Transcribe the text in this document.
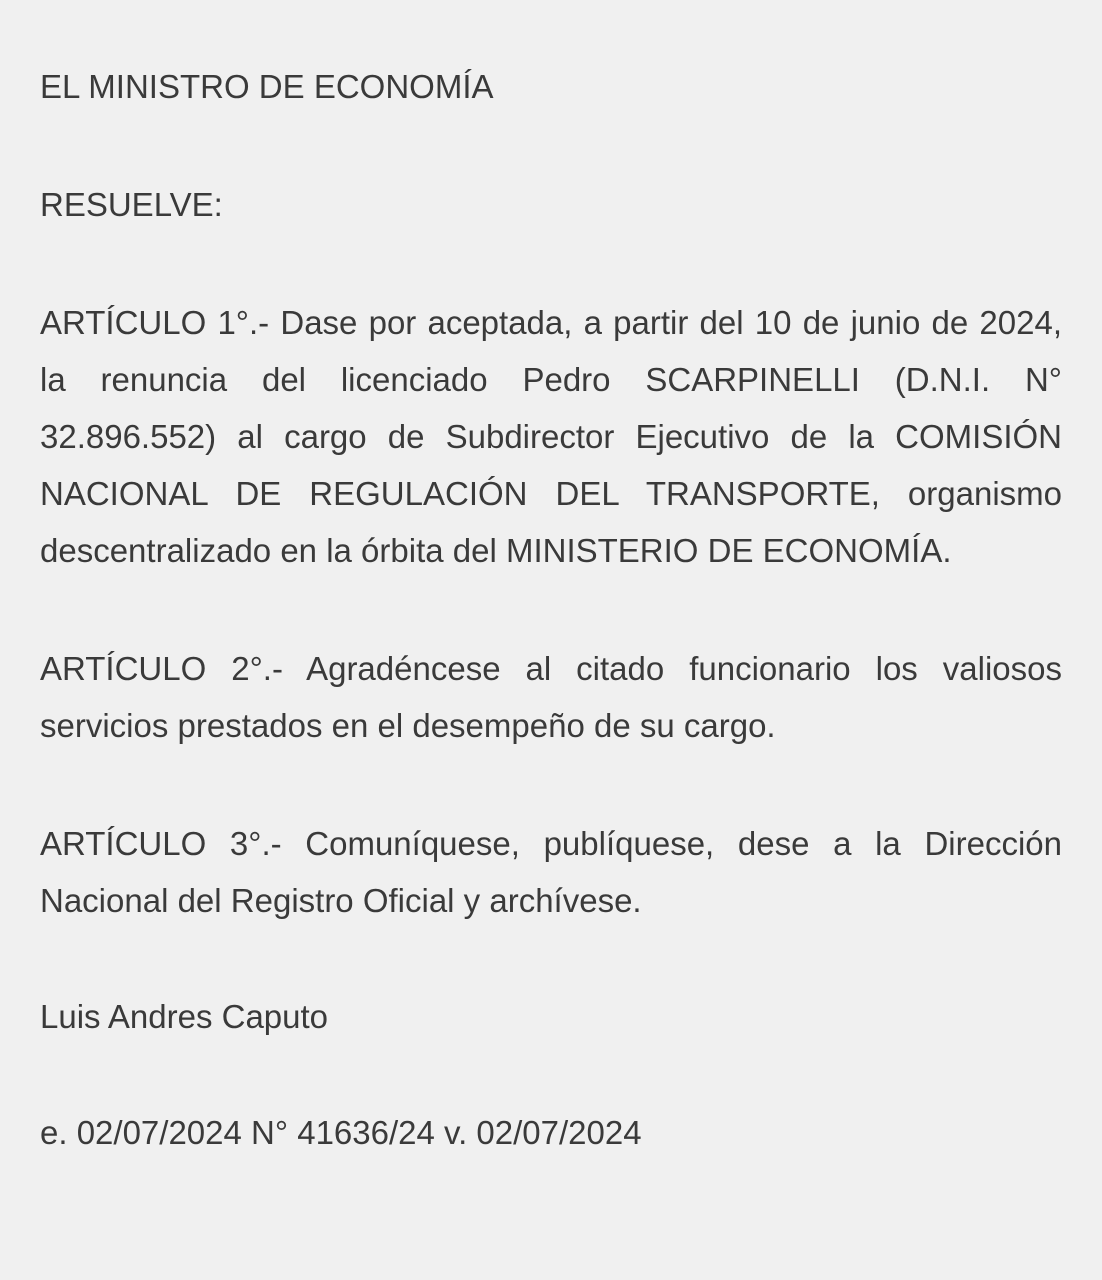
EL MINISTRO DE ECONOMÍA

RESUELVE:

ARTÍCULO 1°.- Dase por aceptada, a partir del 10 de junio de 2024, la renuncia del licenciado Pedro SCARPINELLI (D.N.I. N° 32.896.552) al cargo de Subdirector Ejecutivo de la COMISIÓN NACIONAL DE REGULACIÓN DEL TRANSPORTE, organismo descentralizado en la órbita del MINISTERIO DE ECONOMÍA.

ARTÍCULO 2°.- Agradéncese al citado funcionario los valiosos servicios prestados en el desempeño de su cargo.

ARTÍCULO 3°.- Comuníquese, publíquese, dese a la Dirección Nacional del Registro Oficial y archívese.

Luis Andres Caputo

e. 02/07/2024 N° 41636/24 v. 02/07/2024
